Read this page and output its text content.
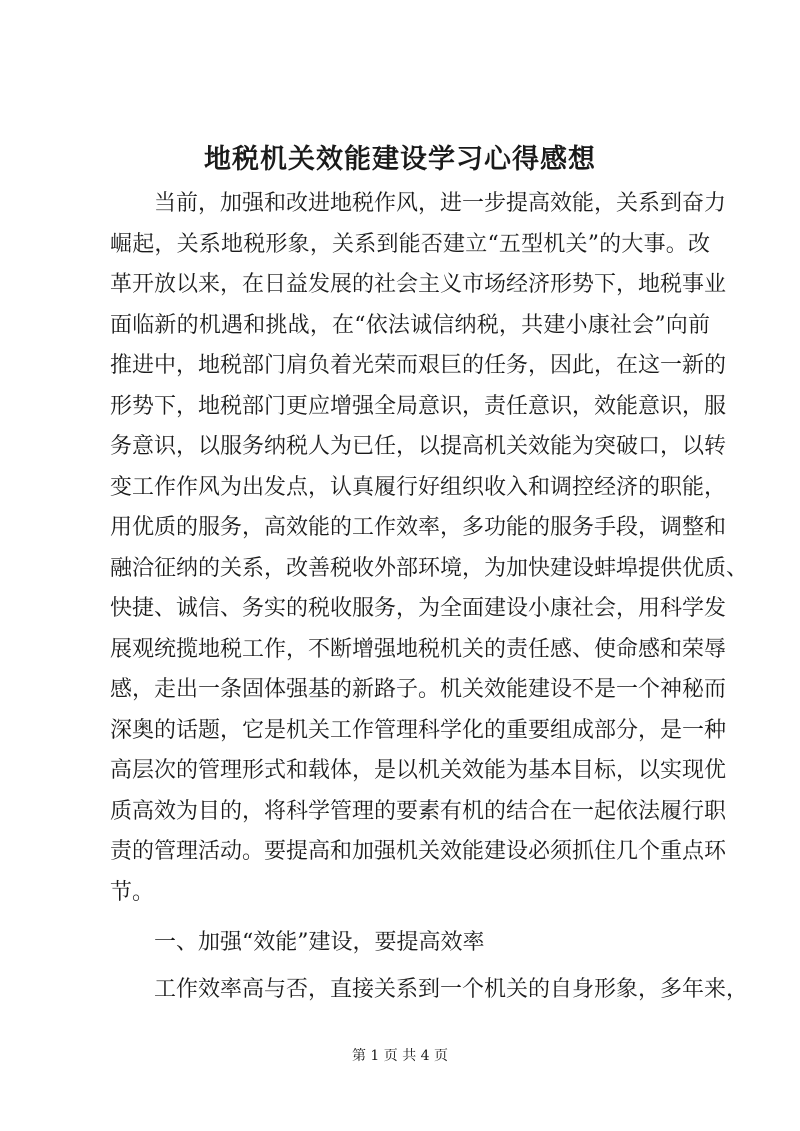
地税机关效能建设学习心得感想
当前，加强和改进地税作风，进一步提高效能，关系到奋力
崛起，关系地税形象，关系到能否建立“五型机关”的大事。改
革开放以来，在日益发展的社会主义市场经济形势下，地税事业
面临新的机遇和挑战，在“依法诚信纳税，共建小康社会”向前
推进中，地税部门肩负着光荣而艰巨的任务，因此，在这一新的
形势下，地税部门更应增强全局意识，责任意识，效能意识，服
务意识，以服务纳税人为已任，以提高机关效能为突破口，以转
变工作作风为出发点，认真履行好组织收入和调控经济的职能，
用优质的服务，高效能的工作效率，多功能的服务手段，调整和
融洽征纳的关系，改善税收外部环境，为加快建设蚌埠提供优质、
快捷、诚信、务实的税收服务，为全面建设小康社会，用科学发
展观统揽地税工作，不断增强地税机关的责任感、使命感和荣辱
感，走出一条固体强基的新路子。机关效能建设不是一个神秘而
深奥的话题，它是机关工作管理科学化的重要组成部分，是一种
高层次的管理形式和载体，是以机关效能为基本目标，以实现优
质高效为目的，将科学管理的要素有机的结合在一起依法履行职
责的管理活动。要提高和加强机关效能建设必须抓住几个重点环
节。
一、加强“效能”建设，要提高效率
工作效率高与否，直接关系到一个机关的自身形象，多年来，
第 1 页 共 4 页
